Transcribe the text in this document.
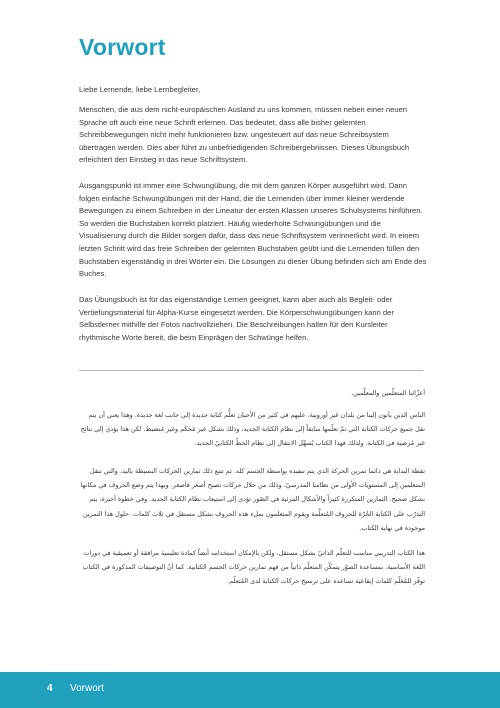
Vorwort

Liebe Lernende, liebe Lernbegleiter,

Menschen, die aus dem nicht-europäischen Ausland zu uns kommen, müssen neben einer neuen Sprache oft auch eine neue Schrift erlernen. Das bedeutet, dass alle bisher gelernten Schreibbewegungen nicht mehr funktionieren bzw. ungesteuert auf das neue Schreibsystem übertragen werden. Dies aber führt zu unbefriedigenden Schreibergebnissen. Dieses Übungsbuch erleichtert den Einstieg in das neue Schriftsystem.

Ausgangspunkt ist immer eine Schwungübung, die mit dem ganzen Körper ausgeführt wird. Dann folgen einfache Schwungübungen mit der Hand, die die Lernenden über immer kleiner werdende Bewegungen zu einem Schreiben in der Lineatur der ersten Klassen unseres Schulsystems hinführen. So werden die Buchstaben korrekt platziert. Häufig wiederholte Schwungübungen und die Visualisierung durch die Bilder sorgen dafür, dass das neue Schriftsystem verinnerlicht wird. In einem letzten Schritt wird das freie Schreiben der gelernten Buchstaben geübt und die Lernenden füllen den Buchstaben eigenständig in drei Wörter ein. Die Lösungen zu dieser Übung befinden sich am Ende des Buches.

Das Übungsbuch ist für das eigenständige Lernen geeignet, kann aber auch als Begleit- oder Vertiefungsmaterial für Alpha-Kurse eingesetzt werden. Die Körperschwungübungen kann der Selbstlerner mithilfe der Fotos nachvollziehen. Die Beschreibungen halten für den Kursleiter rhythmische Worte bereit, die beim Einprägen der Schwünge helfen.

أعزّائنا المتعلّمين والمعلّمين،

الناس الذين يأتون إلينا من بلدان غير أوروبية، عليهم في كثير من الأحيان تعلُّم كتابة جديدة إلى جانب لغة جديدة. وهذا يعني أن يتم نقل جميع حركات الكتابة التي تمّ تعلّمها سابقاً إلى نظام الكتابة الجديد، وذلك بشكل غير مُحكَم وغير مُنضبط. لكن هذا يؤدي إلى نتائج غير مُرضية في الكتابة. ولذلك فهذا الكتاب يُسهِّل الانتقال إلى نظام الخطّ الكتابيّ الجديد.

نقطة البداية هي دائما تمرين الحركة الذي يتم تنفيذه بواسطة الجسم كله. ثم تتبع ذلك تمارين الحركات البسيطة باليد، والتي تنقل المتعلمين إلى المستويات الأولى من نظامنا المدرسيّ، وذلك من خلال حركات تصبح أصغر فأصغر. وبهذا يتم وضع الحروف في مكانها بشكل صحيح. التمارين المتكررة كثيراً والأشكال المرئية في الصّور تؤدي إلى استيعاب نظام الكتابة الجديد. وفي خطوة أخيرة، يتم التدرّب على الكتابة الحُرّة للحروف المُتعلَّمة ويقوم المتعلمون بملء هذه الحروف بشكل مستقل في ثلاث كلمات. حلول هذا التمرين موجودة في نهاية الكتاب.

هذا الكتاب التدريبي مناسب للتعلّم الذاتيّ بشكل مستقل، ولكن بالإمكان استخدامه أيضاً كمادة تعليمية مرافقة أو تعميقية في دورات اللغة الأساسية. بمساعدة الصوّر يتمكّن المتعلّم ذاتياً من فهم تمارين حركات الجسم الكتابية. كما أنّ التوصيفات المذكورة في الكتاب توفّر للمُعلّم كلمات إيقاعية تساعده على ترسيخ حركات الكتابة لدى المُتعلّم.

4 Vorwort
